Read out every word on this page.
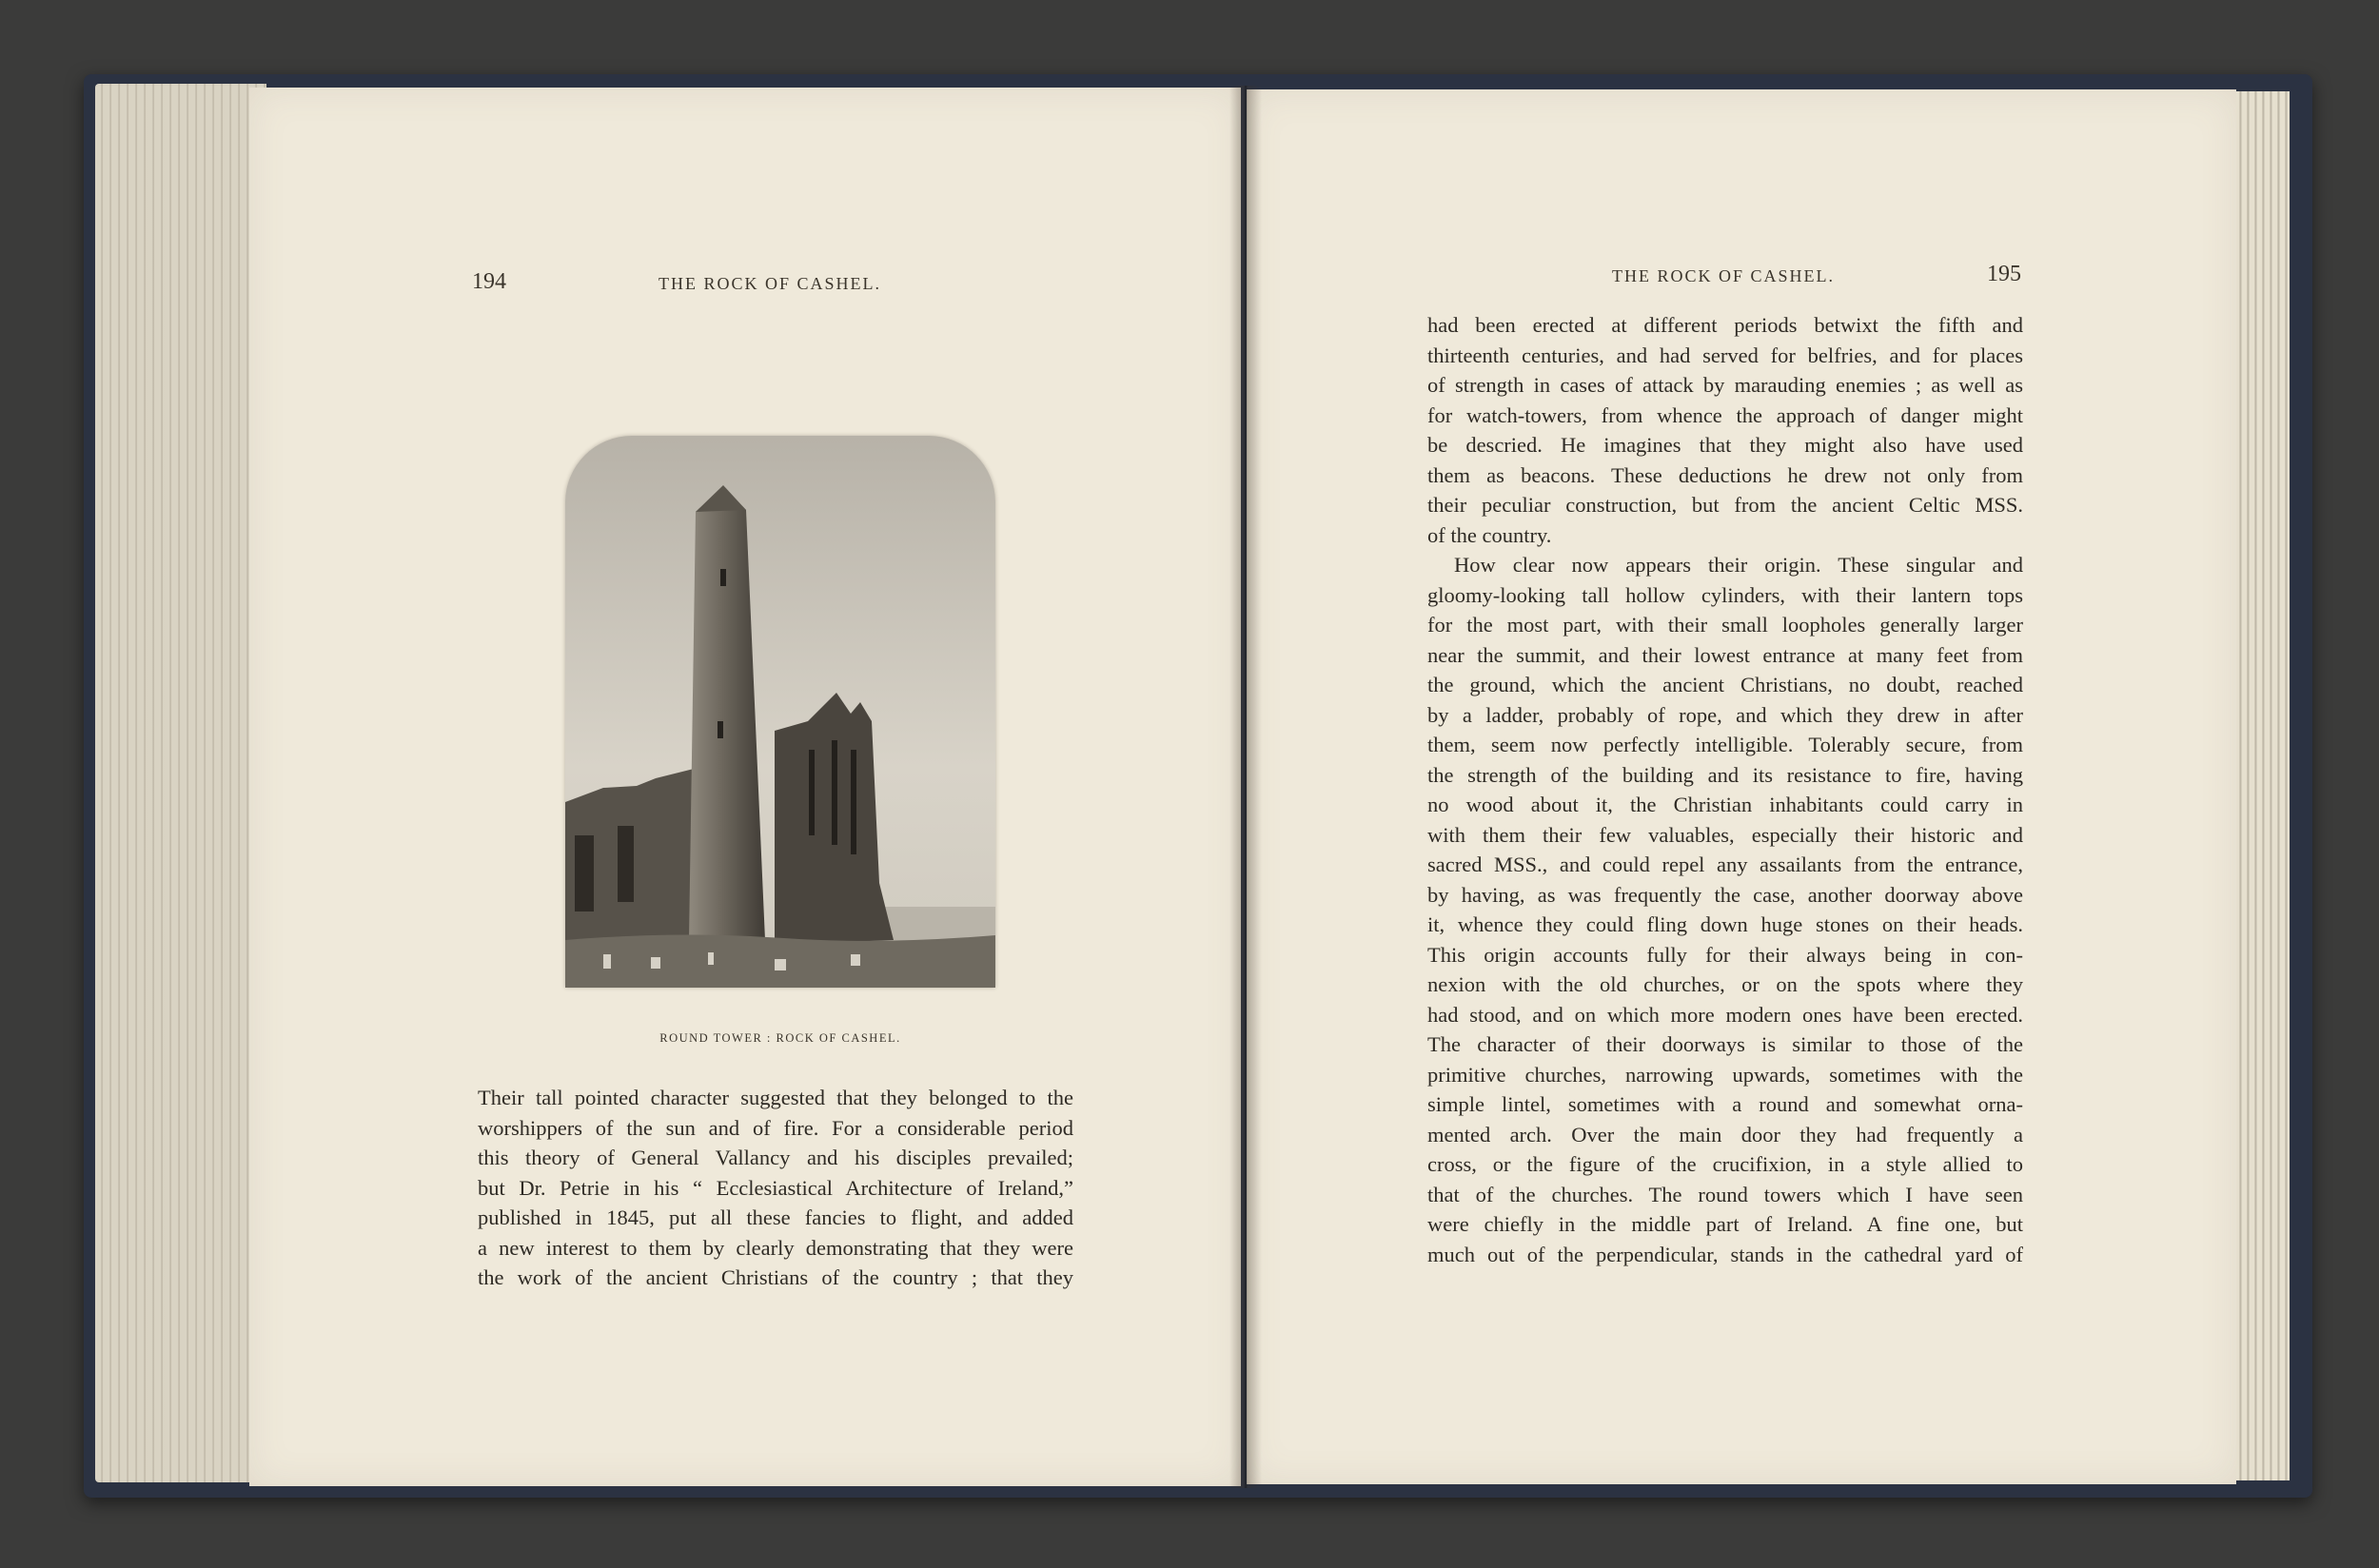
194	THE ROCK OF CASHEL.
ROUND TOWER : ROCK OF CASHEL.
Their tall pointed character suggested that they belonged to the
worshippers of the sun and of fire. For a considerable period
this theory of General Vallancy and his disciples prevailed;
but Dr. Petrie in his “ Ecclesiastical Architecture of Ireland,”
published in 1845, put all these fancies to flight, and added
a new interest to them by clearly demonstrating that they were
the work of the ancient Christians of the country ; that they
THE ROCK OF CASHEL.	195
had been erected at different periods betwixt the fifth and
thirteenth centuries, and had served for belfries, and for places
of strength in cases of attack by marauding enemies ; as well as
for watch-towers, from whence the approach of danger might
be descried. He imagines that they might also have used
them as beacons. These deductions he drew not only from
their peculiar construction, but from the ancient Celtic MSS.
of the country.
How clear now appears their origin. These singular and
gloomy-looking tall hollow cylinders, with their lantern tops
for the most part, with their small loopholes generally larger
near the summit, and their lowest entrance at many feet from
the ground, which the ancient Christians, no doubt, reached
by a ladder, probably of rope, and which they drew in after
them, seem now perfectly intelligible. Tolerably secure, from
the strength of the building and its resistance to fire, having
no wood about it, the Christian inhabitants could carry in
with them their few valuables, especially their historic and
sacred MSS., and could repel any assailants from the entrance,
by having, as was frequently the case, another doorway above
it, whence they could fling down huge stones on their heads.
This origin accounts fully for their always being in con-
nexion with the old churches, or on the spots where they
had stood, and on which more modern ones have been erected.
The character of their doorways is similar to those of the
primitive churches, narrowing upwards, sometimes with the
simple lintel, sometimes with a round and somewhat orna-
mented arch. Over the main door they had frequently a
cross, or the figure of the crucifixion, in a style allied to
that of the churches. The round towers which I have seen
were chiefly in the middle part of Ireland. A fine one, but
much out of the perpendicular, stands in the cathedral yard of
